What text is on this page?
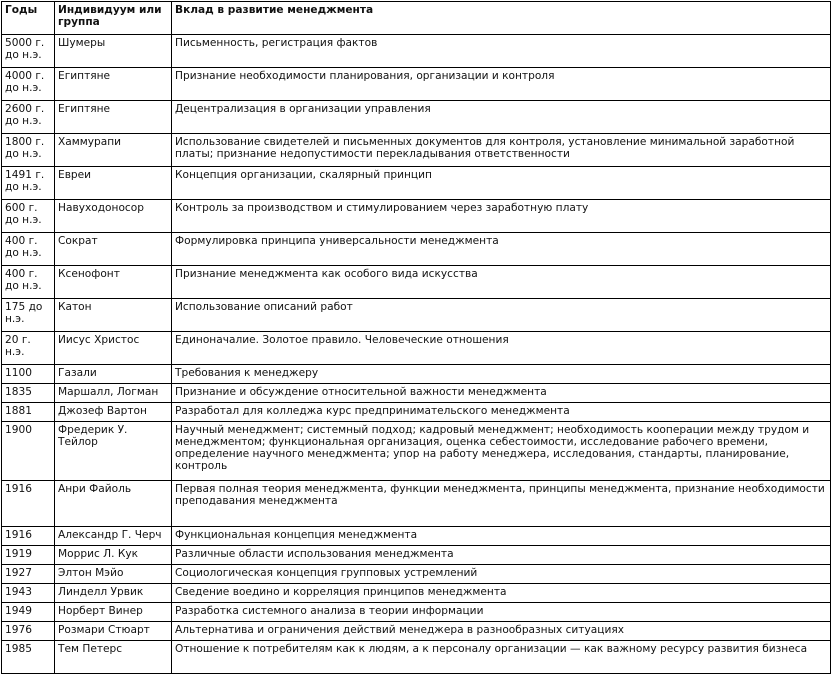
Годы	Индивидуум или группа	Вклад в развитие менеджмента
5000 г. до н.э.	Шумеры	Письменность, регистрация фактов
4000 г. до н.э.	Египтяне	Признание необходимости планирования, организации и контроля
2600 г. до н.э.	Египтяне	Децентрализация в организации управления
1800 г. до н.э.	Хаммурапи	Использование свидетелей и письменных документов для контроля, установление минимальной заработной платы; признание недопустимости перекладывания ответственности
1491 г. до н.э.	Евреи	Концепция организации, скалярный принцип
600 г. до н.э.	Навуходоносор	Контроль за производством и стимулированием через заработную плату
400 г. до н.э.	Сократ	Формулировка принципа универсальности менеджмента
400 г. до н.э.	Ксенофонт	Признание менеджмента как особого вида искусства
175 до н.э.	Катон	Использование описаний работ
20 г. н.э.	Иисус Христос	Единоначалие. Золотое правило. Человеческие отношения
1100	Газали	Требования к менеджеру
1835	Маршалл, Логман	Признание и обсуждение относительной важности менеджмента
1881	Джозеф Вартон	Разработал для колледжа курс предпринимательского менеджмента
1900	Фредерик У. Тейлор	Научный менеджмент; системный подход; кадровый менеджмент; необходимость кооперации между трудом и менеджментом; функциональная организация, оценка себестоимости, исследование рабочего времени, определение научного менеджмента; упор на работу менеджера, исследования, стандарты, планирование, контроль
1916	Анри Файоль	Первая полная теория менеджмента, функции менеджмента, принципы менеджмента, признание необходимости преподавания менеджмента
1916	Александр Г. Черч	Функциональная концепция менеджмента
1919	Моррис Л. Кук	Различные области использования менеджмента
1927	Элтон Мэйо	Социологическая концепция групповых устремлений
1943	Линделл Урвик	Сведение воедино и корреляция принципов менеджмента
1949	Норберт Винер	Разработка системного анализа в теории информации
1976	Розмари Стюарт	Альтернатива и ограничения действий менеджера в разнообразных ситуациях
1985	Тем Петерс	Отношение к потребителям как к людям, а к персоналу организации — как важному ресурсу развития бизнеса
